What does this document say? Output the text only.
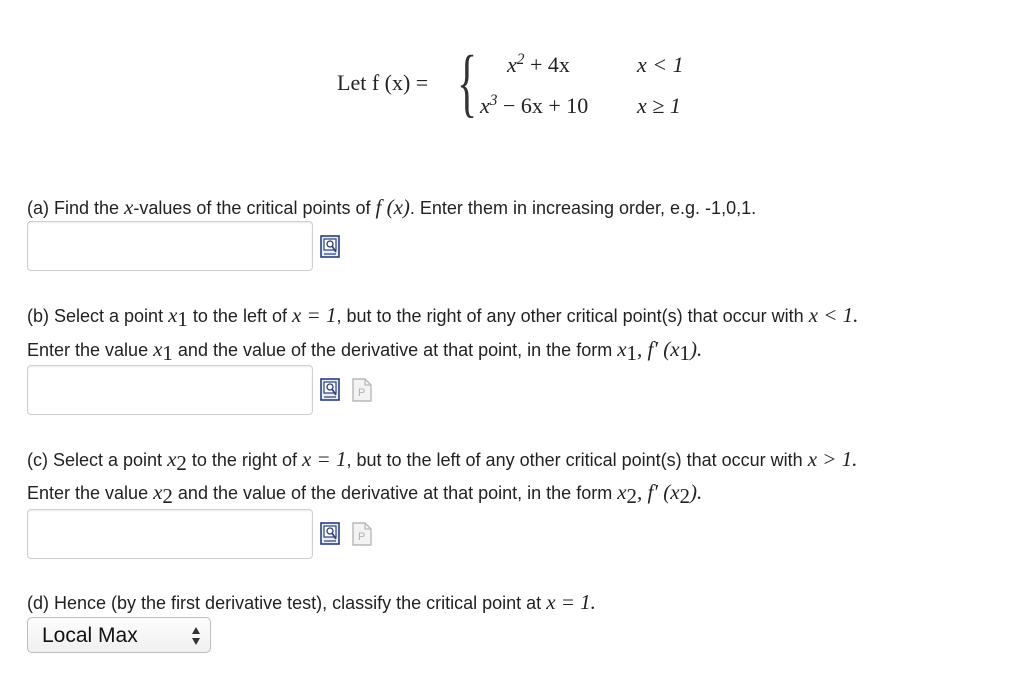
Let f (x) = { $x^2 + 4x$	x < 1
$x^3 - 6x + 10$ x ≥ 1
(a) Find the x-values of the critical points of f (x). Enter them in increasing order, e.g. -1,0,1.
(b) Select a point $x_1$ to the left of x = 1, but to the right of any other critical point(s) that occur with x < 1.
Enter the value $x_1$ and the value of the derivative at that point, in the form $x_1$, f′ $(x_1)$.
P
(c) Select a point $x_2$ to the right of x = 1, but to the left of any other critical point(s) that occur with x > 1.
Enter the value $x_2$ and the value of the derivative at that point, in the form $x_2$, f′ $(x_2)$.
P
(d) Hence (by the first derivative test), classify the critical point at x = 1.
Local Max
